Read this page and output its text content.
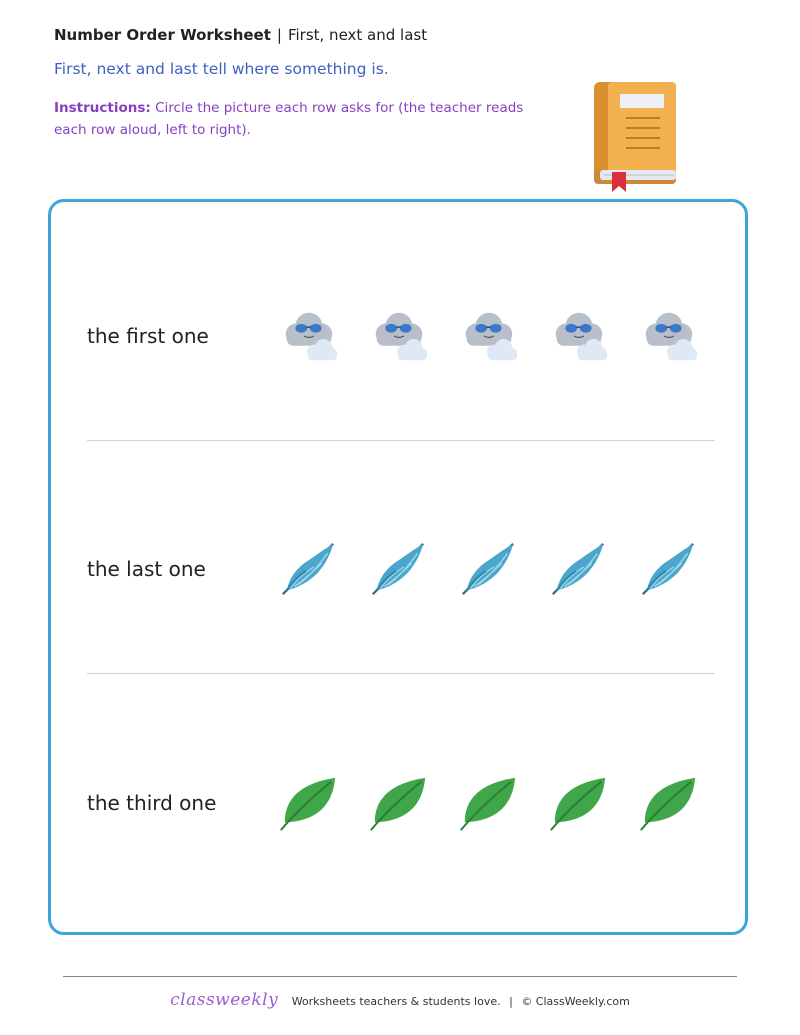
Number Order Worksheet | First, next and last
First, next and last tell where something is.
Instructions: Circle the picture each row asks for (the teacher reads each row aloud, left to right).
the first one
the last one
the third one
classweekly Worksheets teachers & students love. | © ClassWeekly.com
